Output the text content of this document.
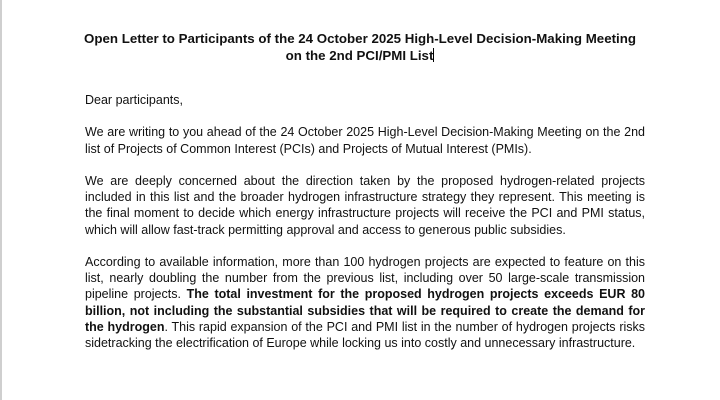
Open Letter to Participants of the 24 October 2025 High-Level Decision-Making Meeting
on the 2nd PCI/PMI List

Dear participants,

We are writing to you ahead of the 24 October 2025 High-Level Decision-Making Meeting on the 2nd list of Projects of Common Interest (PCIs) and Projects of Mutual Interest (PMIs).

We are deeply concerned about the direction taken by the proposed hydrogen-related projects included in this list and the broader hydrogen infrastructure strategy they represent. This meeting is the final moment to decide which energy infrastructure projects will receive the PCI and PMI status, which will allow fast-track permitting approval and access to generous public subsidies.

According to available information, more than 100 hydrogen projects are expected to feature on this list, nearly doubling the number from the previous list, including over 50 large-scale transmission pipeline projects. The total investment for the proposed hydrogen projects exceeds EUR 80 billion, not including the substantial subsidies that will be required to create the demand for the hydrogen. This rapid expansion of the PCI and PMI list in the number of hydrogen projects risks sidetracking the electrification of Europe while locking us into costly and unnecessary infrastructure.
